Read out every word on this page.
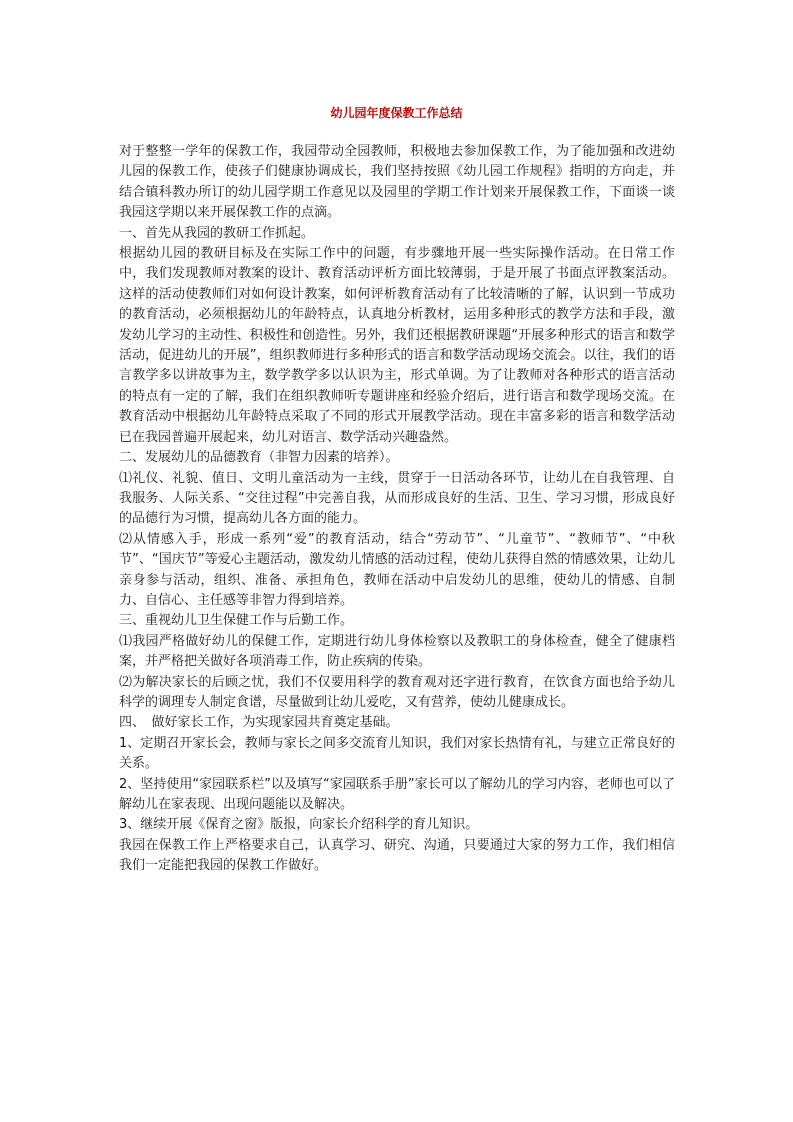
幼儿园年度保教工作总结

对于整整一学年的保教工作，我园带动全园教师，积极地去参加保教工作，为了能加强和改进幼儿园的保教工作，使孩子们健康协调成长，我们坚持按照《幼儿园工作规程》指明的方向走，并结合镇科教办所订的幼儿园学期工作意见以及园里的学期工作计划来开展保教工作，下面谈一谈我园这学期以来开展保教工作的点滴。

一、首先从我园的教研工作抓起。

根据幼儿园的教研目标及在实际工作中的问题，有步骤地开展一些实际操作活动。在日常工作中，我们发现教师对教案的设计、教育活动评析方面比较薄弱，于是开展了书面点评教案活动。这样的活动使教师们对如何设计教案，如何评析教育活动有了比较清晰的了解，认识到一节成功的教育活动，必须根据幼儿的年龄特点，认真地分析教材，运用多种形式的教学方法和手段，激发幼儿学习的主动性、积极性和创造性。另外，我们还根据教研课题“开展多种形式的语言和数学活动，促进幼儿的开展”，组织教师进行多种形式的语言和数学活动现场交流会。以往，我们的语言教学多以讲故事为主，数学教学多以认识为主，形式单调。为了让教师对各种形式的语言活动的特点有一定的了解，我们在组织教师听专题讲座和经验介绍后，进行语言和数学现场交流。在教育活动中根据幼儿年龄特点采取了不同的形式开展教学活动。现在丰富多彩的语言和数学活动已在我园普遍开展起来，幼儿对语言、数学活动兴趣盎然。

二、发展幼儿的品德教育（非智力因素的培养）。

⑴礼仪、礼貌、值日、文明儿童活动为一主线，贯穿于一日活动各环节，让幼儿在自我管理、自我服务、人际关系、“交往过程”中完善自我，从而形成良好的生活、卫生、学习习惯，形成良好的品德行为习惯，提高幼儿各方面的能力。

⑵从情感入手，形成一系列“爱”的教育活动，结合“劳动节”、“儿童节”、“教师节”、“中秋节”、“国庆节”等爱心主题活动，激发幼儿情感的活动过程，使幼儿获得自然的情感效果，让幼儿亲身参与活动，组织、准备、承担角色，教师在活动中启发幼儿的思维，使幼儿的情感、自制力、自信心、主任感等非智力得到培养。

三、重视幼儿卫生保健工作与后勤工作。

⑴我园严格做好幼儿的保健工作，定期进行幼儿身体检察以及教职工的身体检查，健全了健康档案，并严格把关做好各项消毒工作，防止疾病的传染。

⑵为解决家长的后顾之忧，我们不仅要用科学的教育观对还字进行教育，在饮食方面也给予幼儿科学的调理专人制定食谱，尽量做到让幼儿爱吃，又有营养，使幼儿健康成长。

四、　做好家长工作，为实现家园共育奠定基础。

1、定期召开家长会，教师与家长之间多交流育儿知识，我们对家长热情有礼，与建立正常良好的关系。

2、坚持使用“家园联系栏”以及填写“家园联系手册”家长可以了解幼儿的学习内容，老师也可以了解幼儿在家表现、出现问题能以及解决。

3、继续开展《保育之窗》版报，向家长介绍科学的育儿知识。

我园在保教工作上严格要求自己，认真学习、研究、沟通，只要通过大家的努力工作，我们相信我们一定能把我园的保教工作做好。
